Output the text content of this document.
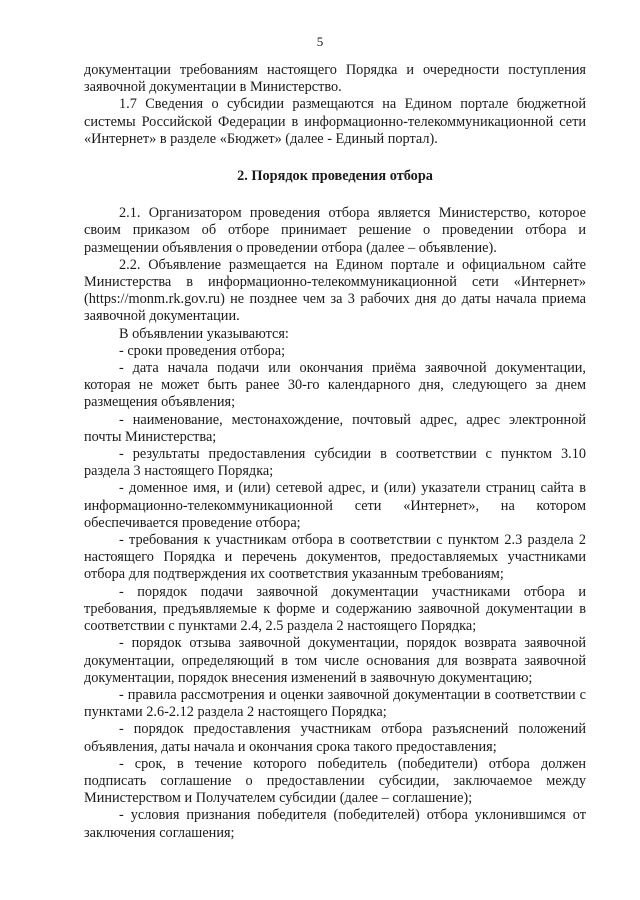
5

документации требованиям настоящего Порядка и очередности поступления заявочной документации в Министерство.

1.7 Сведения о субсидии размещаются на Едином портале бюджетной системы Российской Федерации в информационно-телекоммуникационной сети «Интернет» в разделе «Бюджет» (далее - Единый портал).

2. Порядок проведения отбора

2.1. Организатором проведения отбора является Министерство, которое своим приказом об отборе принимает решение о проведении отбора и размещении объявления о проведении отбора (далее – объявление).

2.2. Объявление размещается на Едином портале и официальном сайте Министерства в информационно-телекоммуникационной сети «Интернет» (https://monm.rk.gov.ru) не позднее чем за 3 рабочих дня до даты начала приема заявочной документации.

В объявлении указываются:

- сроки проведения отбора;

- дата начала подачи или окончания приёма заявочной документации, которая не может быть ранее 30-го календарного дня, следующего за днем размещения объявления;

- наименование, местонахождение, почтовый адрес, адрес электронной почты Министерства;

- результаты предоставления субсидии в соответствии с пунктом 3.10 раздела 3 настоящего Порядка;

- доменное имя, и (или) сетевой адрес, и (или) указатели страниц сайта в информационно-телекоммуникационной сети «Интернет», на котором обеспечивается проведение отбора;

- требования к участникам отбора в соответствии с пунктом 2.3 раздела 2 настоящего Порядка и перечень документов, предоставляемых участниками отбора для подтверждения их соответствия указанным требованиям;

- порядок подачи заявочной документации участниками отбора и требования, предъявляемые к форме и содержанию заявочной документации в соответствии с пунктами 2.4, 2.5 раздела 2 настоящего Порядка;

- порядок отзыва заявочной документации, порядок возврата заявочной документации, определяющий в том числе основания для возврата заявочной документации, порядок внесения изменений в заявочную документацию;

- правила рассмотрения и оценки заявочной документации в соответствии с пунктами 2.6-2.12 раздела 2 настоящего Порядка;

- порядок предоставления участникам отбора разъяснений положений объявления, даты начала и окончания срока такого предоставления;

- срок, в течение которого победитель (победители) отбора должен подписать соглашение о предоставлении субсидии, заключаемое между Министерством и Получателем субсидии (далее – соглашение);

- условия признания победителя (победителей) отбора уклонившимся от заключения соглашения;
